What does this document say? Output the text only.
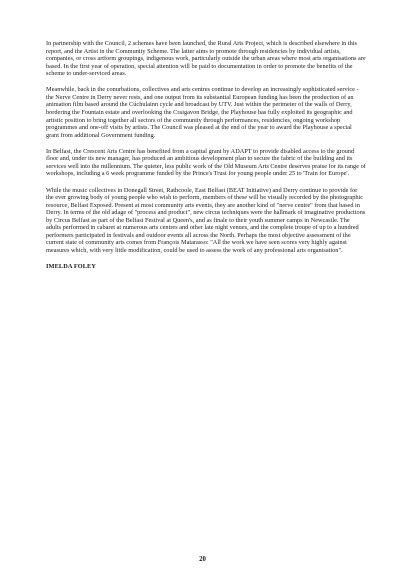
In partnership with the Council, 2 schemes have been launched, the Rural Arts Project, which is described elsewhere in this report, and the Artist in the Community Scheme. The latter aims to promote through residencies by individual artists, companies, or cross artform groupings, indigenous work, particularly outside the urban areas where most arts organisations are based. In the first year of operation, special attention will be paid to documentation in order to promote the benefits of the scheme to under-serviced areas.

Meanwhile, back in the conurbations, collectives and arts centres continue to develop an increasingly sophisticated service - the Nerve Centre in Derry never rests, and one output from its substantial European funding has been the production of an animation film based around the Cúchulainn cycle and broadcast by UTV. Just within the perimeter of the walls of Derry, bordering the Fountain estate and overlooking the Craigavon Bridge, the Playhouse has fully exploited its geographic and artistic position to bring together all sectors of the community through performances, residencies, ongoing workshop programmes and one-off visits by artists. The Council was pleased at the end of the year to award the Playhouse a special grant from additional Government funding.

In Belfast, the Crescent Arts Centre has benefited from a capital grant by ADAPT to provide disabled access to the ground floor and, under its new manager, has produced an ambitious development plan to secure the fabric of the building and its services well into the millennium. The quieter, less public work of the Old Museum Arts Centre deserves praise for its range of workshops, including a 6 week programme funded by the Prince's Trust for young people under 25 to 'Train for Europe'.

While the music collectives in Donegall Street, Rathcoole, East Belfast (BEAT Initiative) and Derry continue to provide for the ever growing body of young people who wish to perform, members of these will be visually recorded by the photographic resource, Belfast Exposed. Present at most community arts events, they are another kind of "nerve centre" from that based in Derry. In terms of the old adage of "process and product", new circus techniques were the hallmark of imaginative productions by Circus Belfast as part of the Belfast Festival at Queen's, and as finale to their youth summer camps in Newcastle. The adults performed in cabaret at numerous arts centres and other late night venues, and the complete troupe of up to a hundred performers participated in festivals and outdoor events all across the North. Perhaps the most objective assessment of the current state of community arts comes from François Matarasso: "All the work we have seen scores very highly against measures which, with very little modification, could be used to assess the work of any professional arts organisation".

IMELDA FOLEY
20
